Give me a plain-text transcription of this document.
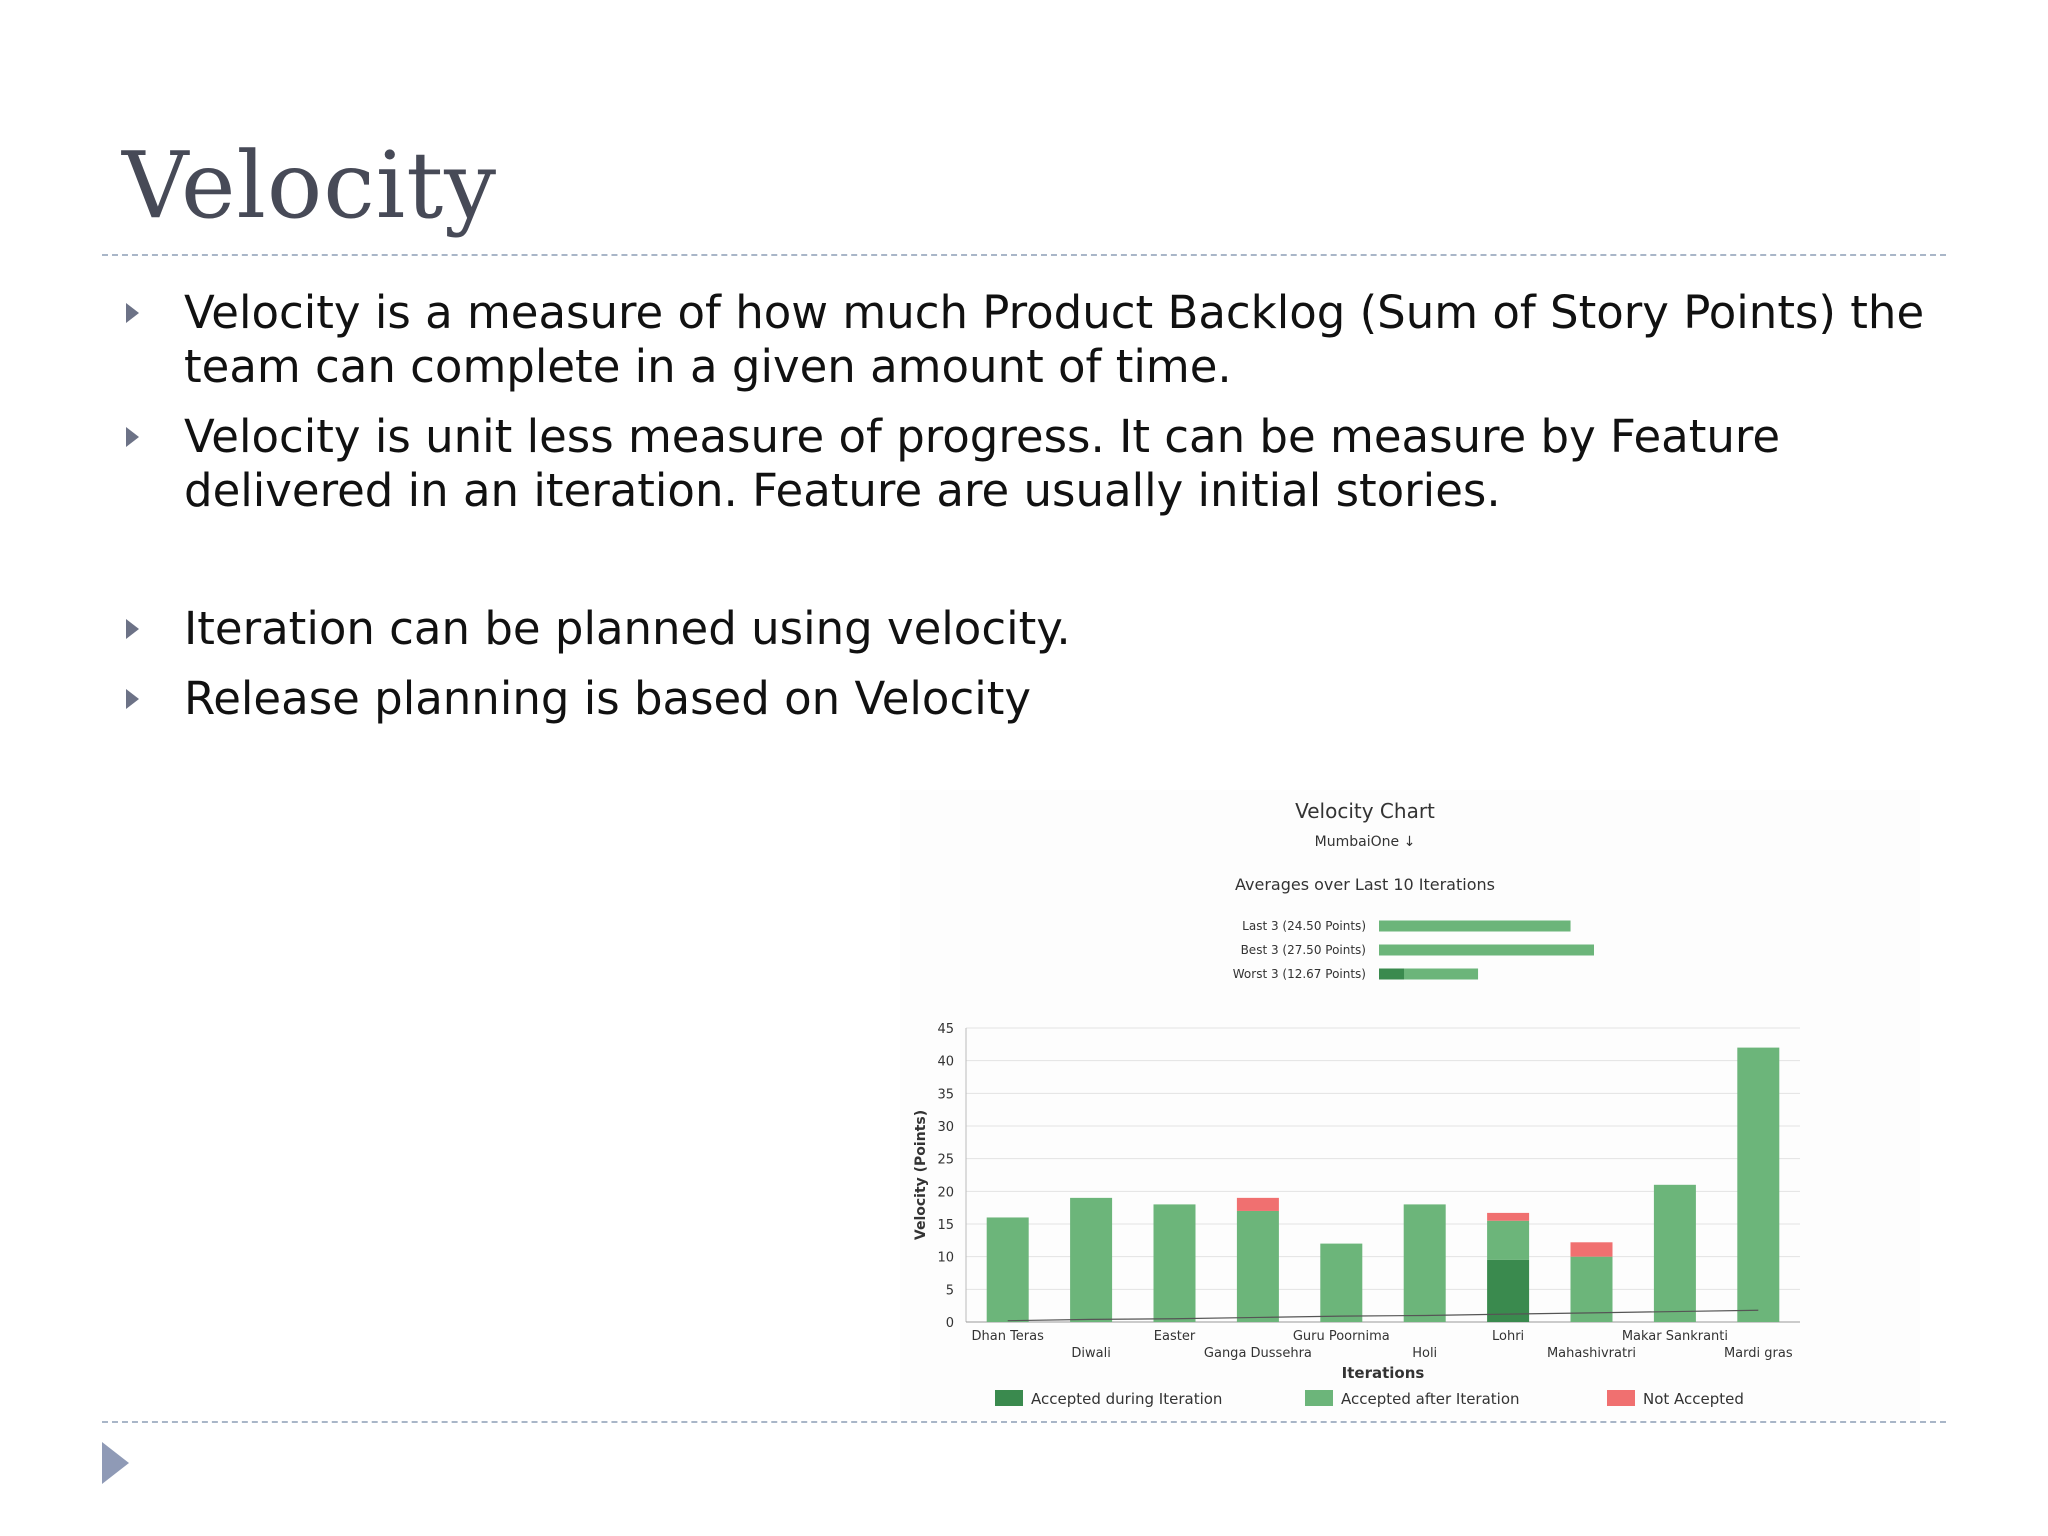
Velocity
Velocity is a measure of how much Product Backlog (Sum of Story Points) the team can complete in a given amount of time.
Velocity is unit less measure of progress. It can be measure by Feature delivered in an iteration. Feature are usually initial stories.
Iteration can be planned using velocity.
Release planning is based on Velocity
Velocity Chart
MumbaiOne ↓
Averages over Last 10 Iterations
Last 3 (24.50 Points)
Best 3 (27.50 Points)
Worst 3 (12.67 Points)
0
5
10
15
20
25
30
35
40
45
Velocity (Points)
Dhan Teras
Diwali
Easter
Ganga Dussehra
Guru Poornima
Holi
Lohri
Mahashivratri
Makar Sankranti
Mardi gras
Iterations
Accepted during Iteration	Accepted after Iteration	Not Accepted
